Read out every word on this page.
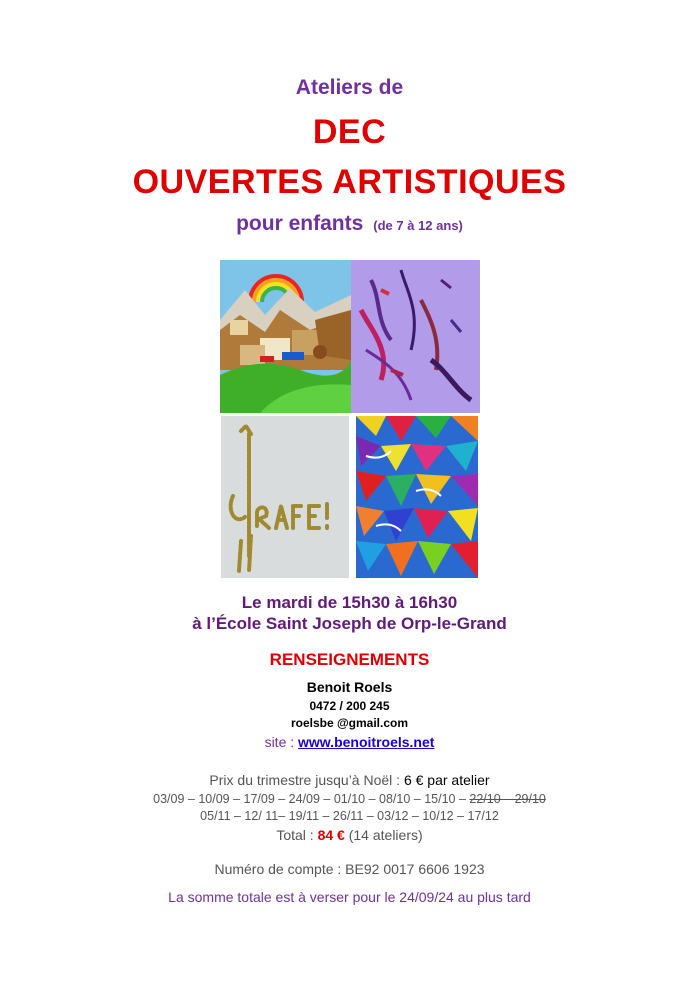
Ateliers de
DEC
OUVERTES ARTISTIQUES
pour enfants (de 7 à 12 ans)
Le mardi de 15h30 à 16h30
à l’École Saint Joseph de Orp-le-Grand
RENSEIGNEMENTS
Benoit Roels
0472 / 200 245
roelsbe @gmail.com
site : www.benoitroels.net
Prix du trimestre jusqu’à Noël : 6 € par atelier
03/09 – 10/09 – 17/09 – 24/09 – 01/10 – 08/10 – 15/10 – 22/10 – 29/10
05/11 – 12/ 11– 19/11 – 26/11 – 03/12 – 10/12 – 17/12
Total : 84 € (14 ateliers)
Numéro de compte : BE92 0017 6606 1923
La somme totale est à verser pour le 24/09/24 au plus tard
